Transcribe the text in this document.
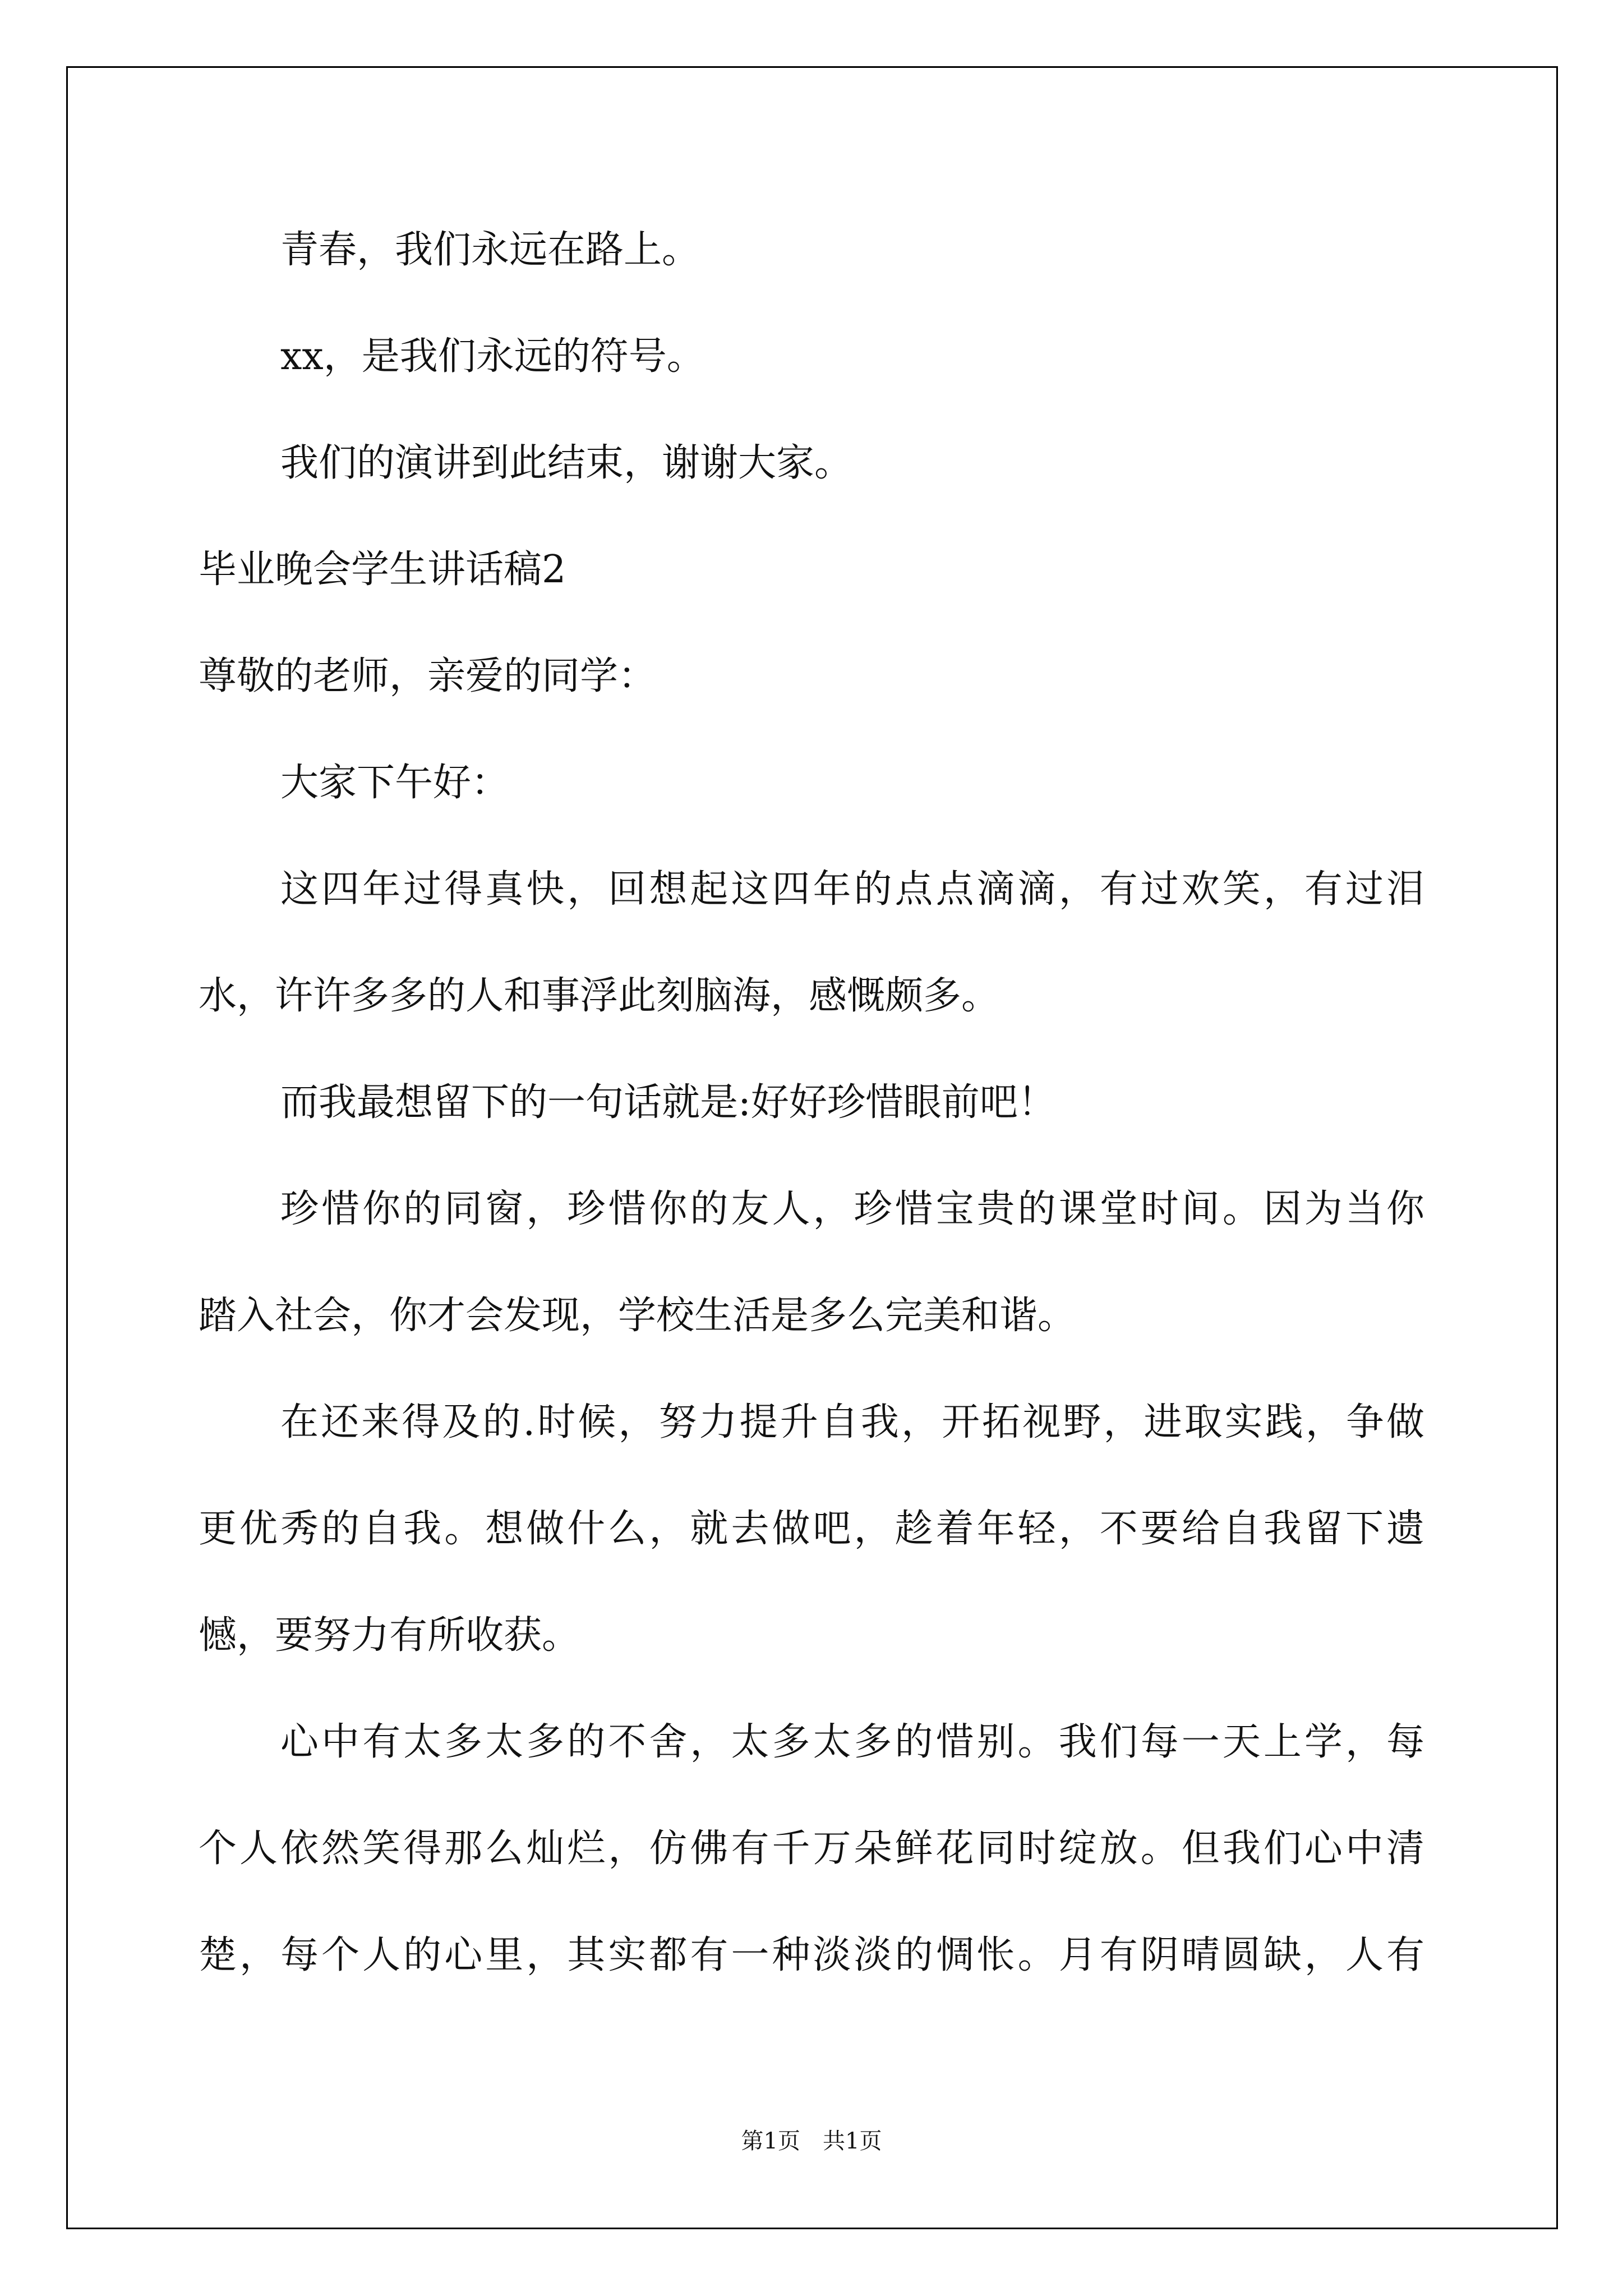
青春，我们永远在路上。

xx，是我们永远的符号。

我们的演讲到此结束，谢谢大家。

毕业晚会学生讲话稿2

尊敬的老师，亲爱的同学：

大家下午好：

这四年过得真快，回想起这四年的点点滴滴，有过欢笑，有过泪

水，许许多多的人和事浮此刻脑海，感慨颇多。

而我最想留下的一句话就是:好好珍惜眼前吧！

珍惜你的同窗，珍惜你的友人，珍惜宝贵的课堂时间。因为当你

踏入社会，你才会发现，学校生活是多么完美和谐。

在还来得及的.时候，努力提升自我，开拓视野，进取实践，争做

更优秀的自我。想做什么，就去做吧，趁着年轻，不要给自我留下遗

憾，要努力有所收获。

心中有太多太多的不舍，太多太多的惜别。我们每一天上学，每

个人依然笑得那么灿烂，仿佛有千万朵鲜花同时绽放。但我们心中清

楚，每个人的心里，其实都有一种淡淡的惆怅。月有阴晴圆缺，人有

第1页　共1页
